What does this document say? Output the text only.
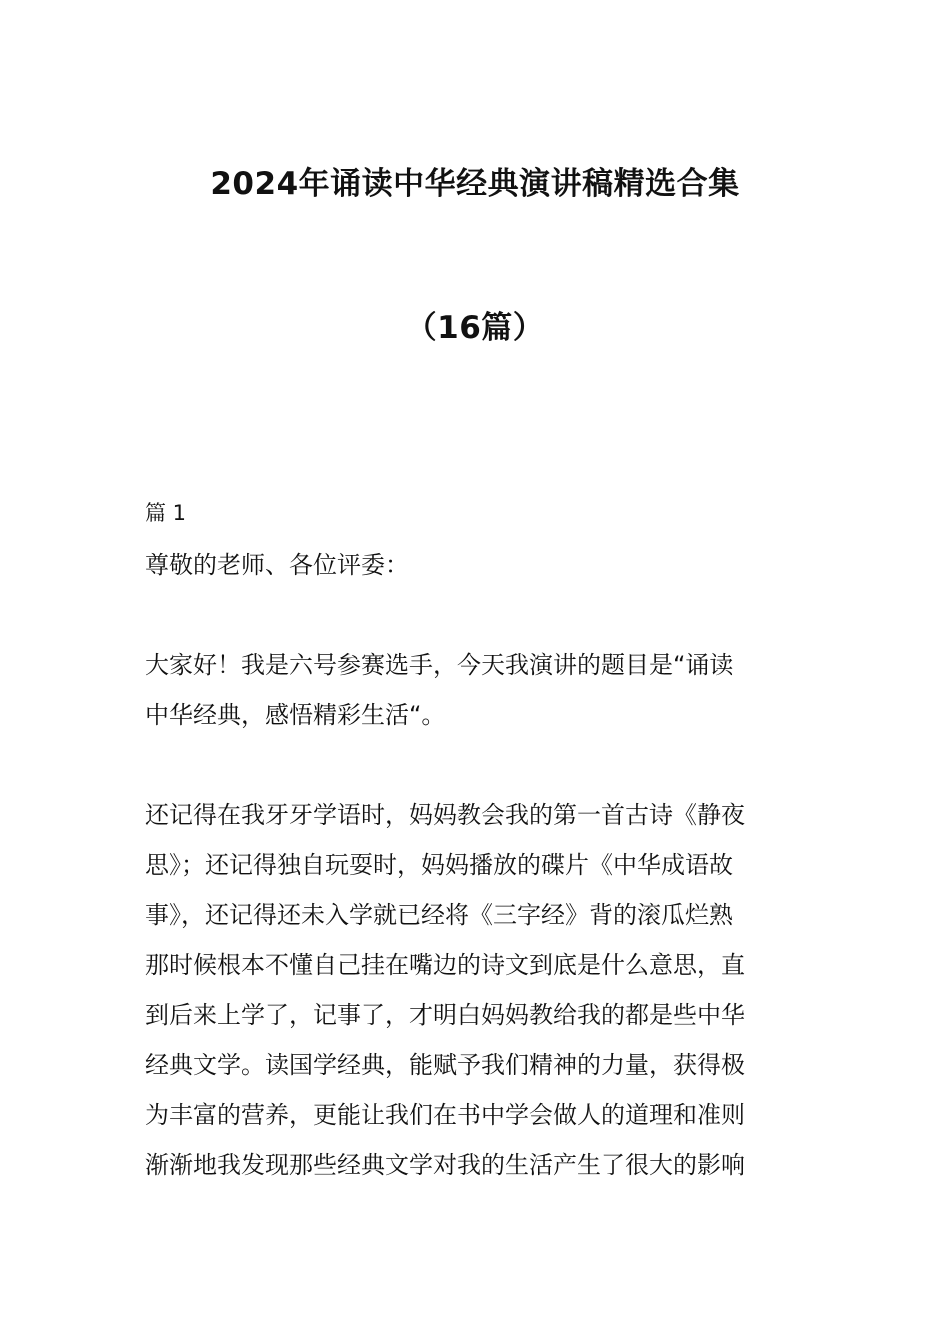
2024年诵读中华经典演讲稿精选合集
（16篇）
篇 1
尊敬的老师、各位评委：
大家好！我是六号参赛选手，今天我演讲的题目是“诵读
中华经典，感悟精彩生活“。
还记得在我牙牙学语时，妈妈教会我的第一首古诗《静夜
思》；还记得独自玩耍时，妈妈播放的碟片《中华成语故
事》，还记得还未入学就已经将《三字经》背的滚瓜烂熟
那时候根本不懂自己挂在嘴边的诗文到底是什么意思，直
到后来上学了，记事了，才明白妈妈教给我的都是些中华
经典文学。读国学经典，能赋予我们精神的力量，获得极
为丰富的营养，更能让我们在书中学会做人的道理和准则
渐渐地我发现那些经典文学对我的生活产生了很大的影响
